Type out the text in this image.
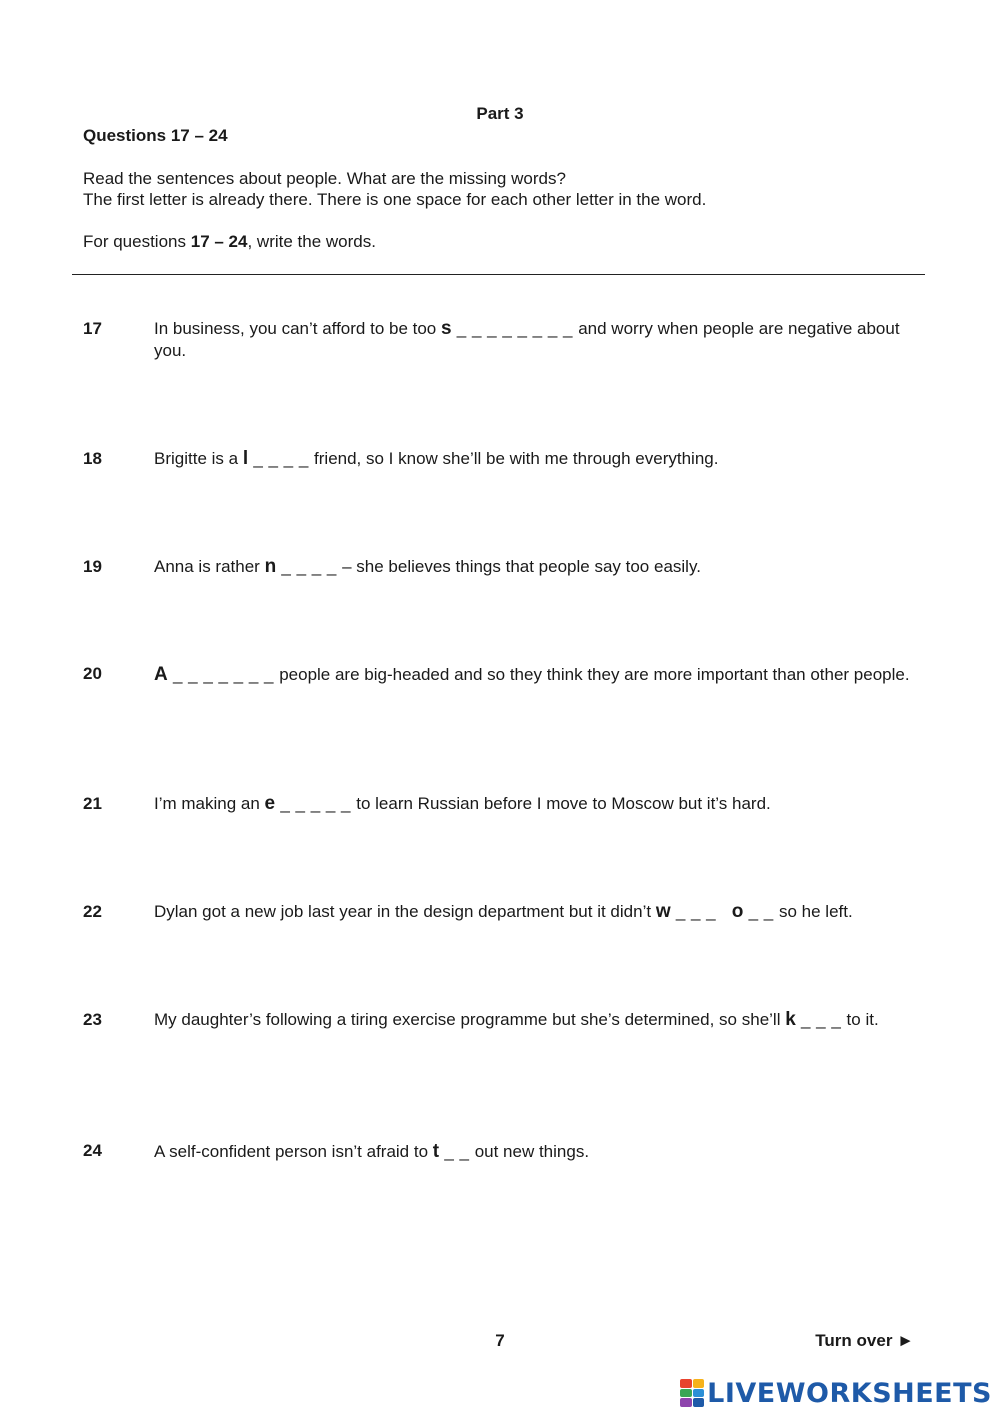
Part 3
Questions 17 – 24
Read the sentences about people. What are the missing words?
The first letter is already there. There is one space for each other letter in the word.
For questions 17 – 24, write the words.
17	In business, you can’t afford to be too s _ _ _ _ _ _ _ _ and worry when people are negative about you.
18	Brigitte is a l _ _ _ _ friend, so I know she’ll be with me through everything.
19	Anna is rather n _ _ _ _ – she believes things that people say too easily.
20	A _ _ _ _ _ _ _ people are big-headed and so they think they are more important than other people.
21	I’m making an e _ _ _ _ _ to learn Russian before I move to Moscow but it’s hard.
22	Dylan got a new job last year in the design department but it didn’t w _ _ _   o _ _ so he left.
23	My daughter’s following a tiring exercise programme but she’s determined, so she’ll k _ _ _ to it.
24	A self-confident person isn’t afraid to t _ _ out new things.
7	Turn over ►
LIVEWORKSHEETS
